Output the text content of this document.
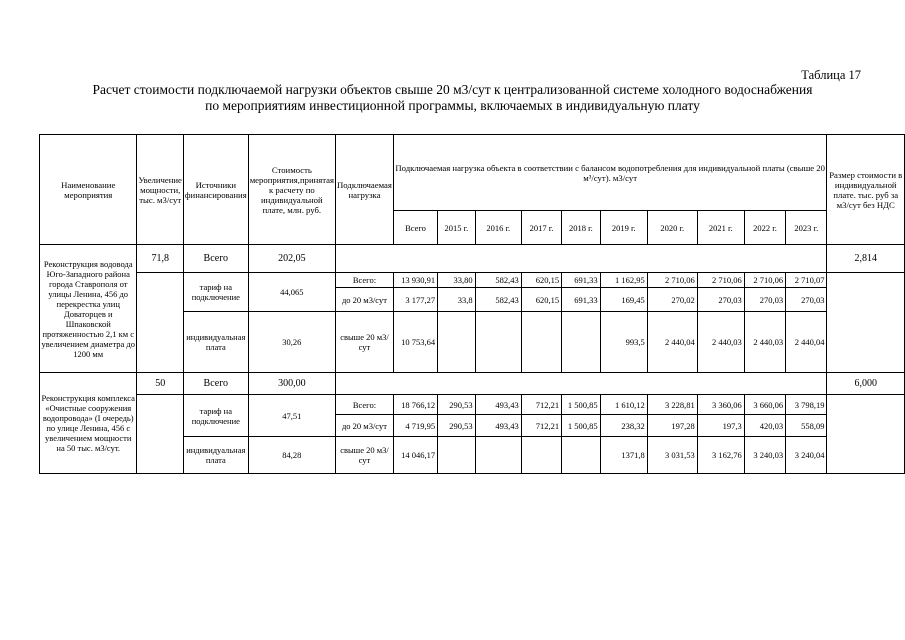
Таблица 17
Расчет стоимости подключаемой нагрузки объектов свыше 20 м3/сут к централизованной системе холодного водоснабжения
по мероприятиям инвестиционной программы, включаемых в индивидуальную плату
Наименование мероприятия	Увеличение мощности, тыс. м3/сут	Источники финансирования	Стоимость мероприятия,принятая к расчету по индивидуальной плате, млн. руб.	Подключаемая нагрузка	Подключаемая нагрузка объекта в соответствии с балансом водопотребления для индивидуальной платы (свыше 20 м³/сут). м3/сут										Размер стоимости в индивидуальной плате. тыс. руб за м3/сут без НДС
					Всего	2015 г.	2016 г.	2017 г.	2018 г.	2019 г.	2020 г.	2021 г.	2022 г.	2023 г.	
Реконструкция водовода Юго-Западного района города Ставрополя от улицы Ленина, 456 до перекрестка улиц Доваторцев и Шпаковской протяженностью 2,1 км с увеличением диаметра до 1200 мм	71,8	Всего	202,05												2,814
		тариф на подключение	44,065	Всего:	13 930,91	33,80	582,43	620,15	691,33	1 162,95	2 710,06	2 710,06	2 710,06	2 710,07	
				до 20 м3/сут	3 177,27	33,8	582,43	620,15	691,33	169,45	270,02	270,03	270,03	270,03	
		индивидуальная плата	30,26	свыше 20 м3/сут	10 753,64					993,5	2 440,04	2 440,03	2 440,03	2 440,04	

Реконструкция комплекса «Очистные сооружения водопровода» (I очередь) по улице Ленина, 456 с увеличением мощности на 50 тыс. м3/сут.	50	Всего	300,00												6,000
		тариф на подключение	47,51	Всего:	18 766,12	290,53	493,43	712,21	1 500,85	1 610,12	3 228,81	3 360,06	3 660,06	3 798,19	
				до 20 м3/сут	4 719,95	290,53	493,43	712,21	1 500,85	238,32	197,28	197,3	420,03	558,09	
		индивидуальная плата	84,28	свыше 20 м3/сут	14 046,17					1371,8	3 031,53	3 162,76	3 240,03	3 240,04	
